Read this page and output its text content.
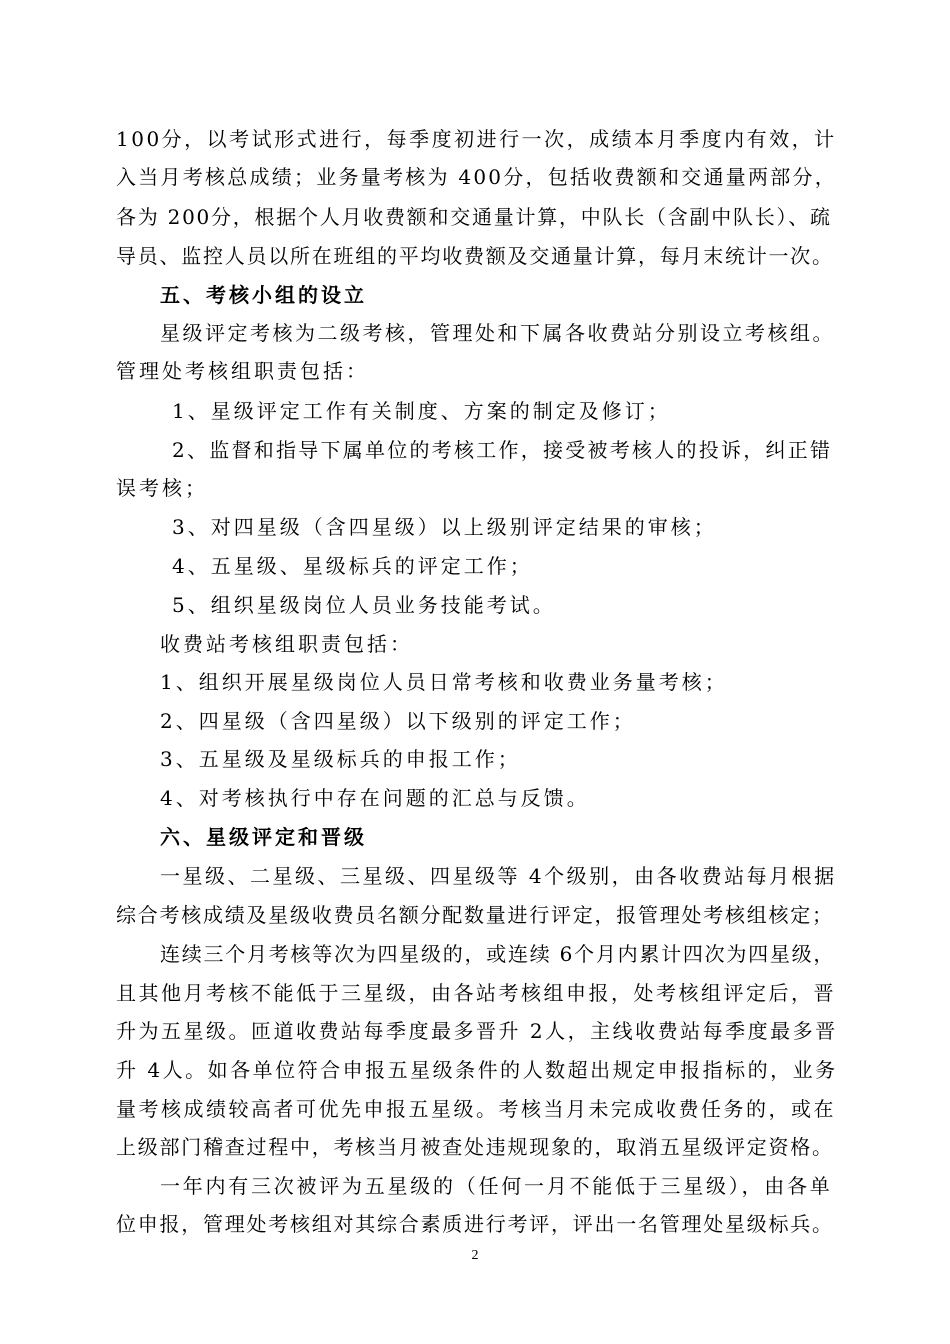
100分，以考试形式进行，每季度初进行一次，成绩本月季度内有效，计
入当月考核总成绩；业务量考核为 400分，包括收费额和交通量两部分，
各为 200分，根据个人月收费额和交通量计算，中队长（含副中队长）、疏
导员、监控人员以所在班组的平均收费额及交通量计算，每月末统计一次。
五、考核小组的设立
星级评定考核为二级考核，管理处和下属各收费站分别设立考核组。
管理处考核组职责包括：
1、星级评定工作有关制度、方案的制定及修订；
2、监督和指导下属单位的考核工作，接受被考核人的投诉，纠正错
误考核；
3、对四星级（含四星级）以上级别评定结果的审核；
4、五星级、星级标兵的评定工作；
5、组织星级岗位人员业务技能考试。
收费站考核组职责包括：
1、组织开展星级岗位人员日常考核和收费业务量考核；
2、四星级（含四星级）以下级别的评定工作；
3、五星级及星级标兵的申报工作；
4、对考核执行中存在问题的汇总与反馈。
六、星级评定和晋级
一星级、二星级、三星级、四星级等 4个级别，由各收费站每月根据
综合考核成绩及星级收费员名额分配数量进行评定，报管理处考核组核定；
连续三个月考核等次为四星级的，或连续 6个月内累计四次为四星级，
且其他月考核不能低于三星级，由各站考核组申报，处考核组评定后，晋
升为五星级。匝道收费站每季度最多晋升 2人，主线收费站每季度最多晋
升 4人。如各单位符合申报五星级条件的人数超出规定申报指标的，业务
量考核成绩较高者可优先申报五星级。考核当月未完成收费任务的，或在
上级部门稽查过程中，考核当月被查处违规现象的，取消五星级评定资格。
一年内有三次被评为五星级的（任何一月不能低于三星级），由各单
位申报，管理处考核组对其综合素质进行考评，评出一名管理处星级标兵。
2
